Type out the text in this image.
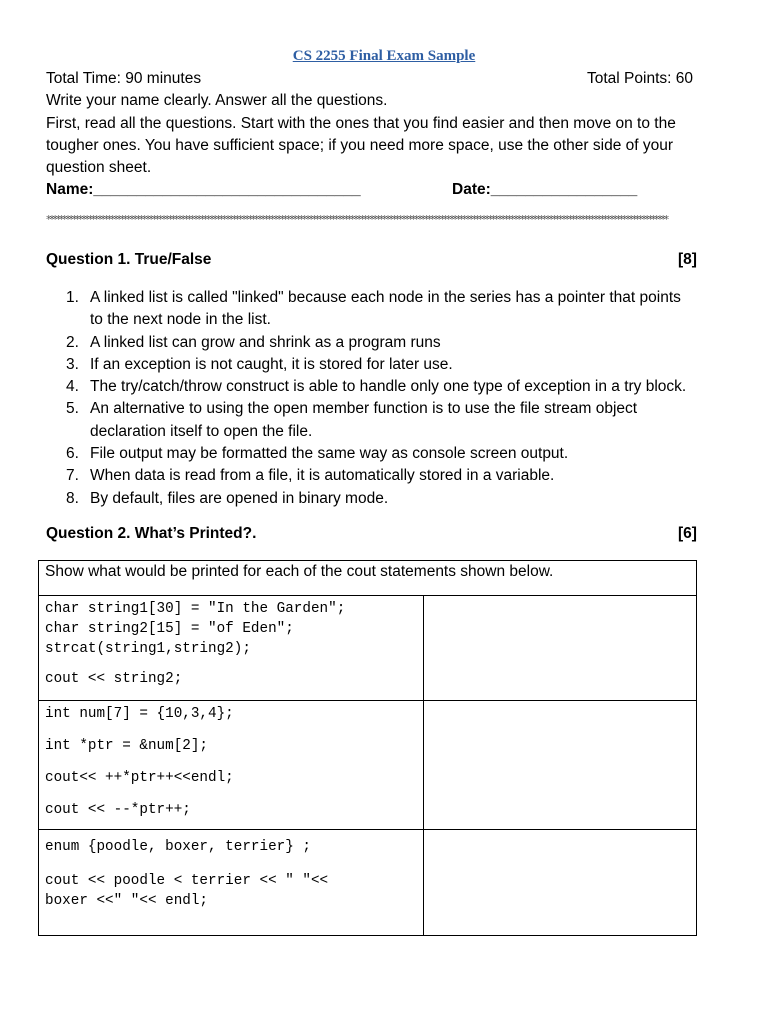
CS 2255 Final Exam Sample
Total Time: 90 minutes	Total Points: 60
Write your name clearly. Answer all the questions.
First, read all the questions. Start with the ones that you find easier and then move on to the
tougher ones. You have sufficient space; if you need more space, use the other side of your
question sheet.
Name:_______________________________	Date:_________________
**************************************************************************************************************************************************************************************************
Question 1. True/False	[8]
1. A linked list is called "linked" because each node in the series has a pointer that points
to the next node in the list.
2. A linked list can grow and shrink as a program runs
3. If an exception is not caught, it is stored for later use.
4. The try/catch/throw construct is able to handle only one type of exception in a try block.
5. An alternative to using the open member function is to use the file stream object
declaration itself to open the file.
6. File output may be formatted the same way as console screen output.
7. When data is read from a file, it is automatically stored in a variable.
8. By default, files are opened in binary mode.
Question 2. What’s Printed?.	[6]
Show what would be printed for each of the cout statements shown below.	

char string1[30] = "In the Garden";
char string2[15] = "of Eden";
strcat(string1,string2);
cout << string2;	

int num[7] = {10,3,4};
int *ptr = &num[2];
cout<< ++*ptr++<<endl;
cout << --*ptr++;	

enum {poodle, boxer, terrier} ;
cout << poodle < terrier << " "<<
boxer <<" "<< endl;	
